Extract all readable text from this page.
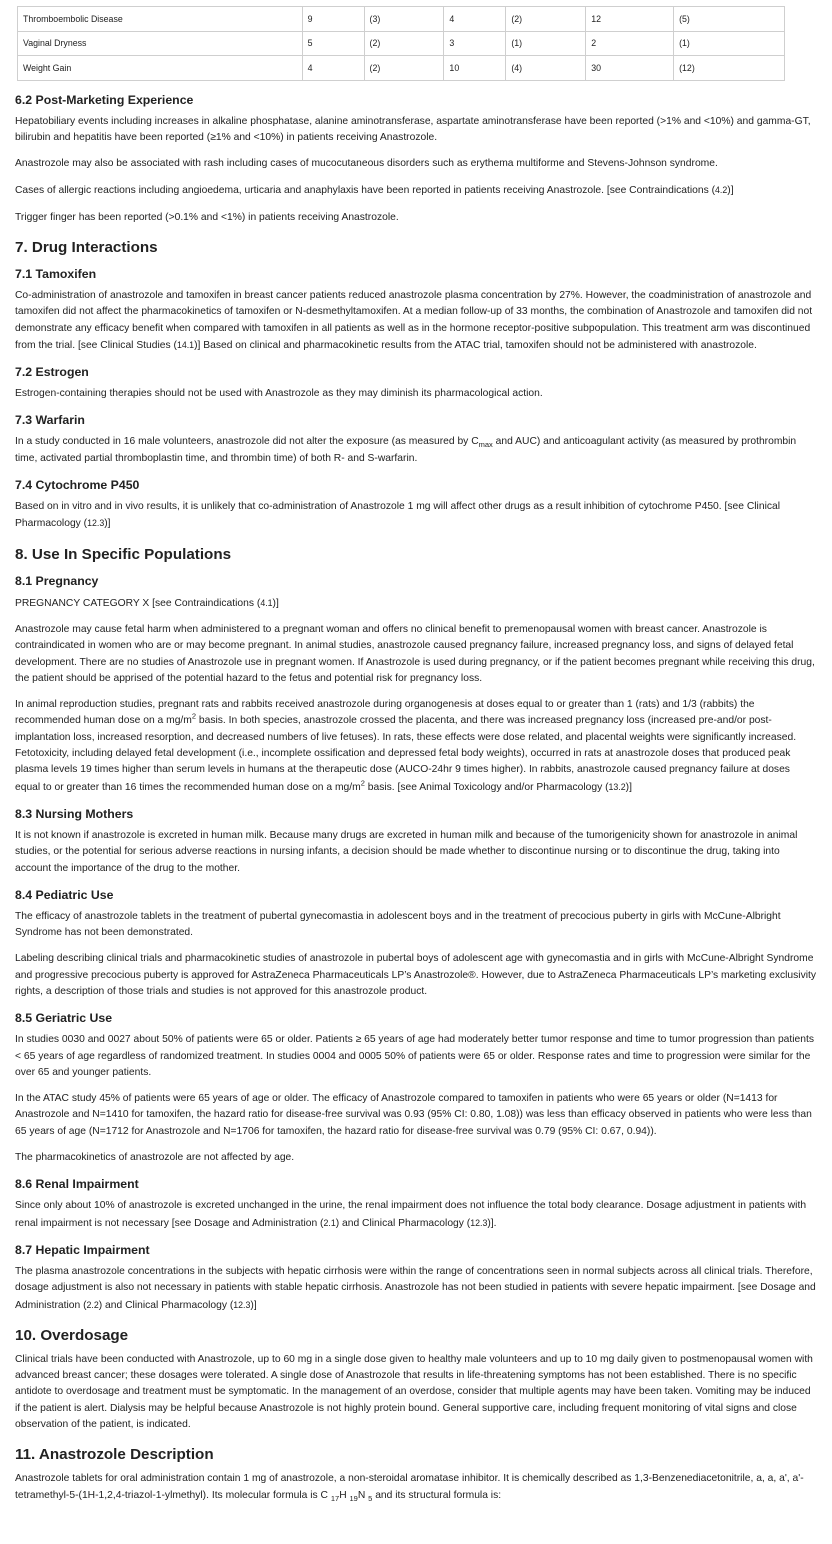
Thromboembolic Disease	9	(3)	4	(2)	12	(5)
Vaginal Dryness	5	(2)	3	(1)	2	(1)
Weight Gain	4	(2)	10	(4)	30	(12)
6.2 Post-Marketing Experience

Hepatobiliary events including increases in alkaline phosphatase, alanine aminotransferase, aspartate aminotransferase have been reported (>1% and <10%) and gamma-GT, bilirubin and hepatitis have been reported (≥1% and <10%) in patients receiving Anastrozole.

Anastrozole may also be associated with rash including cases of mucocutaneous disorders such as erythema multiforme and Stevens-Johnson syndrome.

Cases of allergic reactions including angioedema, urticaria and anaphylaxis have been reported in patients receiving Anastrozole. [see Contraindications (4.2)]

Trigger finger has been reported (>0.1% and <1%) in patients receiving Anastrozole.

7. Drug Interactions
7.1 Tamoxifen

Co-administration of anastrozole and tamoxifen in breast cancer patients reduced anastrozole plasma concentration by 27%. However, the coadministration of anastrozole and tamoxifen did not affect the pharmacokinetics of tamoxifen or N-desmethyltamoxifen. At a median follow-up of 33 months, the combination of Anastrozole and tamoxifen did not demonstrate any efficacy benefit when compared with tamoxifen in all patients as well as in the hormone receptor-positive subpopulation. This treatment arm was discontinued from the trial. [see Clinical Studies (14.1)] Based on clinical and pharmacokinetic results from the ATAC trial, tamoxifen should not be administered with anastrozole.

7.2 Estrogen

Estrogen-containing therapies should not be used with Anastrozole as they may diminish its pharmacological action.

7.3 Warfarin

In a study conducted in 16 male volunteers, anastrozole did not alter the exposure (as measured by $C_{max}$ and AUC) and anticoagulant activity (as measured by prothrombin time, activated partial thromboplastin time, and thrombin time) of both R- and S-warfarin.

7.4 Cytochrome P450

Based on in vitro and in vivo results, it is unlikely that co-administration of Anastrozole 1 mg will affect other drugs as a result inhibition of cytochrome P450. [see Clinical Pharmacology (12.3)]

8. Use In Specific Populations
8.1 Pregnancy

PREGNANCY CATEGORY X [see Contraindications (4.1)]

Anastrozole may cause fetal harm when administered to a pregnant woman and offers no clinical benefit to premenopausal women with breast cancer. Anastrozole is contraindicated in women who are or may become pregnant. In animal studies, anastrozole caused pregnancy failure, increased pregnancy loss, and signs of delayed fetal development. There are no studies of Anastrozole use in pregnant women. If Anastrozole is used during pregnancy, or if the patient becomes pregnant while receiving this drug, the patient should be apprised of the potential hazard to the fetus and potential risk for pregnancy loss.

In animal reproduction studies, pregnant rats and rabbits received anastrozole during organogenesis at doses equal to or greater than 1 (rats) and 1/3 (rabbits) the recommended human dose on a $mg/m^2$ basis. In both species, anastrozole crossed the placenta, and there was increased pregnancy loss (increased pre-and/or post-implantation loss, increased resorption, and decreased numbers of live fetuses). In rats, these effects were dose related, and placental weights were significantly increased. Fetotoxicity, including delayed fetal development (i.e., incomplete ossification and depressed fetal body weights), occurred in rats at anastrozole doses that produced peak plasma levels 19 times higher than serum levels in humans at the therapeutic dose (AUCO-24hr 9 times higher). In rabbits, anastrozole caused pregnancy failure at doses equal to or greater than 16 times the recommended human dose on a $mg/m^2$ basis. [see Animal Toxicology and/or Pharmacology (13.2)]

8.3 Nursing Mothers

It is not known if anastrozole is excreted in human milk. Because many drugs are excreted in human milk and because of the tumorigenicity shown for anastrozole in animal studies, or the potential for serious adverse reactions in nursing infants, a decision should be made whether to discontinue nursing or to discontinue the drug, taking into account the importance of the drug to the mother.

8.4 Pediatric Use

The efficacy of anastrozole tablets in the treatment of pubertal gynecomastia in adolescent boys and in the treatment of precocious puberty in girls with McCune-Albright Syndrome has not been demonstrated.

Labeling describing clinical trials and pharmacokinetic studies of anastrozole in pubertal boys of adolescent age with gynecomastia and in girls with McCune-Albright Syndrome and progressive precocious puberty is approved for AstraZeneca Pharmaceuticals LP’s Anastrozole®. However, due to AstraZeneca Pharmaceuticals LP’s marketing exclusivity rights, a description of those trials and studies is not approved for this anastrozole product.

8.5 Geriatric Use

In studies 0030 and 0027 about 50% of patients were 65 or older. Patients ≥ 65 years of age had moderately better tumor response and time to tumor progression than patients < 65 years of age regardless of randomized treatment. In studies 0004 and 0005 50% of patients were 65 or older. Response rates and time to progression were similar for the over 65 and younger patients.

In the ATAC study 45% of patients were 65 years of age or older. The efficacy of Anastrozole compared to tamoxifen in patients who were 65 years or older (N=1413 for Anastrozole and N=1410 for tamoxifen, the hazard ratio for disease-free survival was 0.93 (95% CI: 0.80, 1.08)) was less than efficacy observed in patients who were less than 65 years of age (N=1712 for Anastrozole and N=1706 for tamoxifen, the hazard ratio for disease-free survival was 0.79 (95% CI: 0.67, 0.94)).

The pharmacokinetics of anastrozole are not affected by age.

8.6 Renal Impairment

Since only about 10% of anastrozole is excreted unchanged in the urine, the renal impairment does not influence the total body clearance. Dosage adjustment in patients with renal impairment is not necessary [see Dosage and Administration (2.1) and Clinical Pharmacology (12.3)].

8.7 Hepatic Impairment

The plasma anastrozole concentrations in the subjects with hepatic cirrhosis were within the range of concentrations seen in normal subjects across all clinical trials. Therefore, dosage adjustment is also not necessary in patients with stable hepatic cirrhosis. Anastrozole has not been studied in patients with severe hepatic impairment. [see Dosage and Administration (2.2) and Clinical Pharmacology (12.3)]

10. Overdosage

Clinical trials have been conducted with Anastrozole, up to 60 mg in a single dose given to healthy male volunteers and up to 10 mg daily given to postmenopausal women with advanced breast cancer; these dosages were tolerated. A single dose of Anastrozole that results in life-threatening symptoms has not been established. There is no specific antidote to overdosage and treatment must be symptomatic. In the management of an overdose, consider that multiple agents may have been taken. Vomiting may be induced if the patient is alert. Dialysis may be helpful because Anastrozole is not highly protein bound. General supportive care, including frequent monitoring of vital signs and close observation of the patient, is indicated.

11. Anastrozole Description

Anastrozole tablets for oral administration contain 1 mg of anastrozole, a non-steroidal aromatase inhibitor. It is chemically described as 1,3-Benzenediacetonitrile, a, a, a', a'-tetramethyl-5-(1H-1,2,4-triazol-1-ylmethyl). Its molecular formula is C $_{17}$H $_{19}$N $_5$ and its structural formula is:
